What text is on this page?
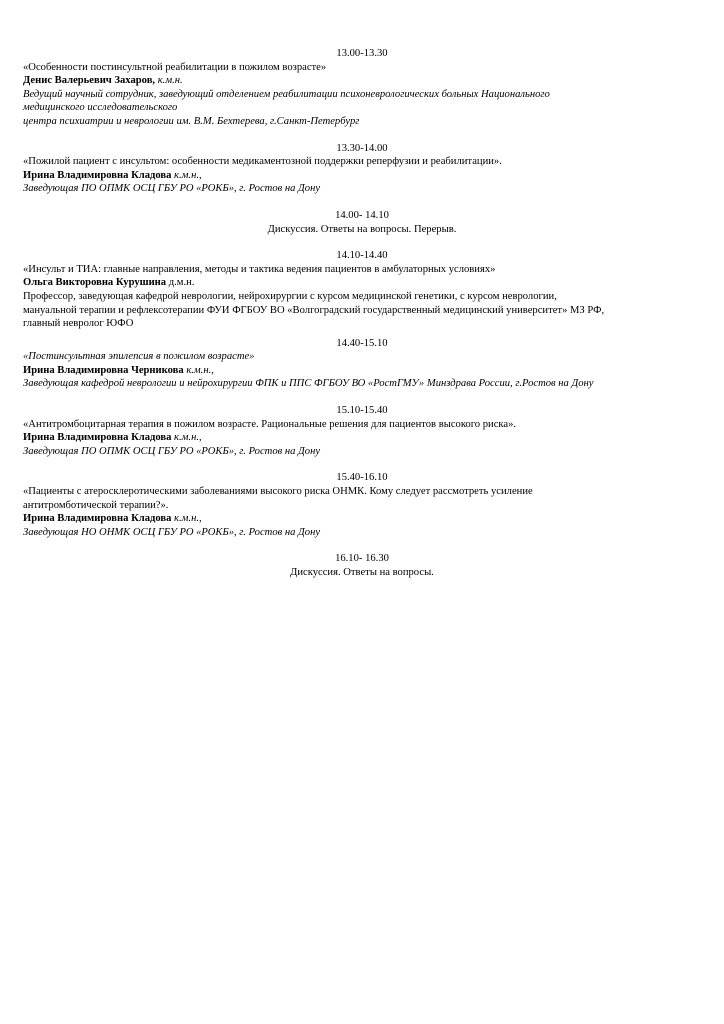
13.00-13.30
«Особенности постинсультной реабилитации в пожилом возрасте»
Денис Валерьевич Захаров, к.м.н.
Ведущий научный сотрудник, заведующий отделением реабилитации психоневрологических больных Национального
медицинского исследовательского
центра психиатрии и неврологии им. В.М. Бехтерева, г.Санкт-Петербург
13.30-14.00
«Пожилой пациент с инсультом: особенности медикаментозной поддержки реперфузии и реабилитации».
Ирина Владимировна Кладова к.м.н.,
Заведующая ПО ОПМК ОСЦ ГБУ РО «РОКБ», г. Ростов на Дону
14.00- 14.10
Дискуссия. Ответы на вопросы. Перерыв.
14.10-14.40
«Инсульт и ТИА: главные направления, методы и тактика ведения пациентов в амбулаторных условиях»
Ольга Викторовна Курушина д.м.н.
Профессор, заведующая кафедрой неврологии, нейрохирургии с курсом медицинской генетики, с курсом неврологии,
мануальной терапии и рефлексотерапии ФУИ ФГБОУ ВО «Волгоградский государственный медицинский университет» МЗ РФ,
главный невролог ЮФО
14.40-15.10
«Постинсультная эпилепсия в пожилом возрасте»
Ирина Владимировна Черникова к.м.н.,
Заведующая кафедрой неврологии и нейрохирургии ФПК и ППС ФГБОУ ВО «РостГМУ» Минздрава России, г.Ростов на Дону
15.10-15.40
«Антитромбоцитарная терапия в пожилом возрасте. Рациональные решения для пациентов высокого риска».
Ирина Владимировна Кладова к.м.н.,
Заведующая ПО ОПМК ОСЦ ГБУ РО «РОКБ», г. Ростов на Дону
15.40-16.10
«Пациенты с атеросклеротическими заболеваниями высокого риска ОНМК. Кому следует рассмотреть усиление
антитромботической терапии?».
Ирина Владимировна Кладова к.м.н.,
Заведующая НО ОНМК ОСЦ ГБУ РО «РОКБ», г. Ростов на Дону
16.10- 16.30
Дискуссия. Ответы на вопросы.
